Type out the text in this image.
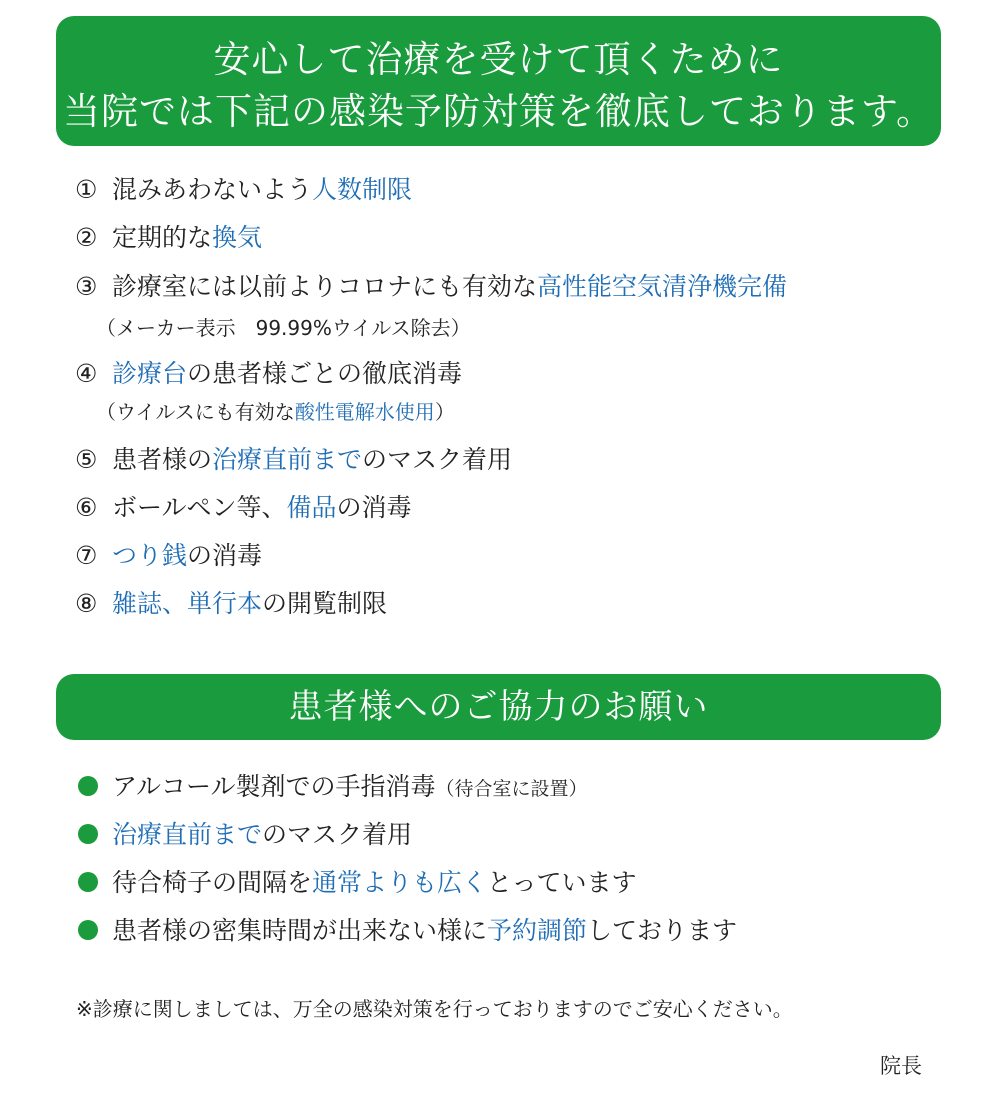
安心して治療を受けて頂くために
当院では下記の感染予防対策を徹底しております。
① 混みあわないよう人数制限
② 定期的な換気
③ 診療室には以前よりコロナにも有効な高性能空気清浄機完備
（メーカー表示　99.99%ウイルス除去）
④ 診療台の患者様ごとの徹底消毒
（ウイルスにも有効な酸性電解水使用）
⑤ 患者様の治療直前までのマスク着用
⑥ ボールペン等、備品の消毒
⑦ つり銭の消毒
⑧ 雑誌、単行本の開覧制限
患者様へのご協力のお願い
アルコール製剤での手指消毒（待合室に設置）
治療直前までのマスク着用
待合椅子の間隔を通常よりも広くとっています
患者様の密集時間が出来ない様に予約調節しております
※診療に関しましては、万全の感染対策を行っておりますのでご安心ください。
院長
